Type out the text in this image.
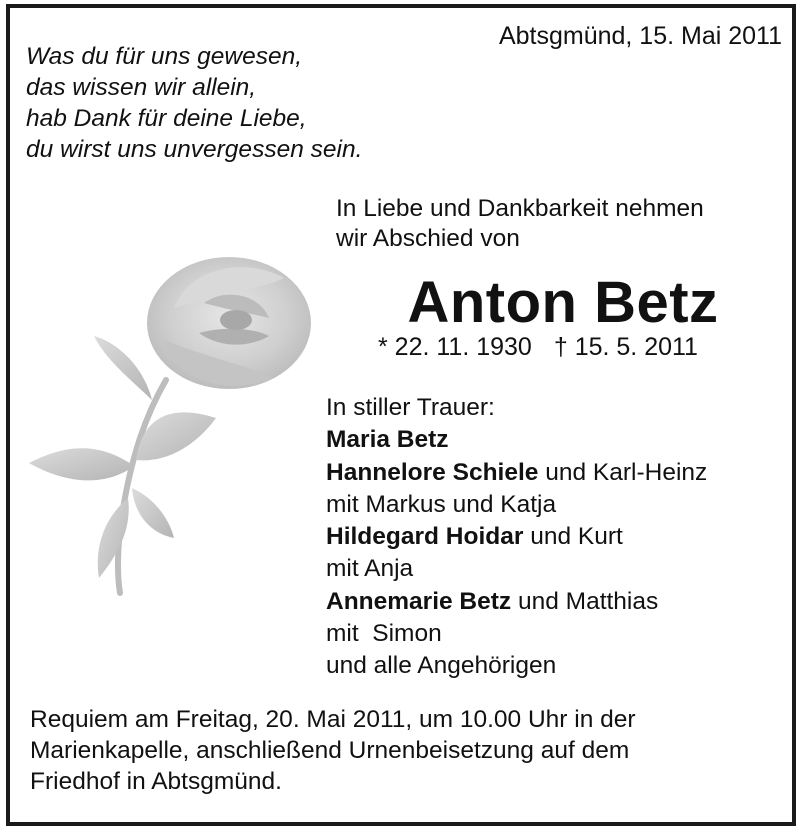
Abtsgmünd, 15. Mai 2011
Was du für uns gewesen,
das wissen wir allein,
hab Dank für deine Liebe,
du wirst uns unvergessen sein.
In Liebe und Dankbarkeit nehmen
wir Abschied von
Anton Betz
* 22. 11. 1930 † 15. 5. 2011
In stiller Trauer:
Maria Betz
Hannelore Schiele und Karl-Heinz
mit Markus und Katja
Hildegard Hoidar und Kurt
mit Anja
Annemarie Betz und Matthias
mit  Simon
und alle Angehörigen
Requiem am Freitag, 20. Mai 2011, um 10.00 Uhr in der
Marienkapelle, anschließend Urnenbeisetzung auf dem
Friedhof in Abtsgmünd.
